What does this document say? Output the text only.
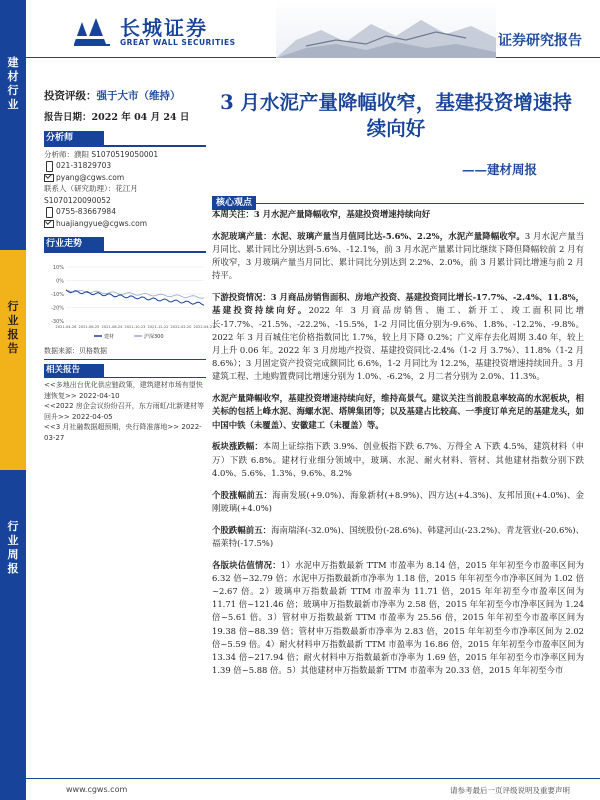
建材行业
行业报告
行业周报
长城证券
GREAT WALL SECURITIES	证券研究报告
投资评级：强于大市（维持）
报告日期：2022 年 04 月 24 日
分析师
分析师：濮阳 S1070519050001
021-31829703
pyang@cgws.com
联系人（研究助理）：花江月
S1070120090052
0755-83667984
huajiangyue@cgws.com
行业走势
10%
0%
-10%
-20%
-30%
2021-04-26 2021-06-25 2021-08-24 2021-10-23 2021-12-22 2022-02-20 2022-04-21
建材	沪深300
数据来源：贝格数据
相关报告
<<多地出台优化供应链政策，建筑建材市场有望快速恢复>> 2022-04-10
<<2022 房企会议纷纷召开，东方雨虹/北新建材等回升>> 2022-04-05
<<3 月社融数据超预期，央行降准落地>> 2022-03-27
3 月水泥产量降幅收窄，基建投资增速持续向好
——建材周报
核心观点

本周关注：3 月水泥产量降幅收窄，基建投资增速持续向好

水泥玻璃产量：水泥、玻璃产量当月值同比达-5.6%、2.2%，水泥产量降幅收窄。3 月水泥产量当月同比、累计同比分别达到-5.6%、-12.1%，前 3 月水泥产量累计同比继续下降但降幅较前 2 月有所收窄，3 月玻璃产量当月同比、累计同比分别达到 2.2%、2.0%，前 3 月累计同比增速与前 2 月持平。

下游投资情况：3 月商品房销售面积、房地产投资、基建投资同比增长-17.7%、-2.4%、11.8%，基建投资持续向好。2022 年 3 月商品房销售、施工、新开工、竣工面积同比增长-17.7%、-21.5%、-22.2%、-15.5%，1-2 月同比值分别为-9.6%、1.8%、-12.2%、-9.8%。2022 年 3 月百城住宅价格指数同比 1.7%，较上月下降 0.2%；广义库存去化周期 3.40 年，较上月上升 0.06 年。2022 年 3 月房地产投资、基建投资同比-2.4%（1-2 月 3.7%）、11.8%（1-2 月 8.6%）；3 月固定资产投资完成额同比 6.6%，1-2 月同比为 12.2%，基建投资增速持续回升。3 月建筑工程、土地购置费同比增速分别为 1.0%、-6.2%，2 月二者分别为 2.0%、11.3%。

水泥产量降幅收窄，基建投资增速持续向好，维持高景气。建议关注当前股息率较高的水泥板块，相关标的包括上峰水泥、海螺水泥、塔牌集团等；以及基建占比较高、一季度订单充足的基建龙头，如中国中铁（未覆盖）、安徽建工（未覆盖）等。

板块涨跌幅：本周上证综指下跌 3.9%、创业板指下跌 6.7%、万得全 A 下跌 4.5%，建筑材料（申万）下跌 6.8%。建材行业细分领域中，玻璃、水泥、耐火材料、管材、其他建材指数分别下跌 4.0%、5.6%、1.3%、9.6%、8.2%

个股涨幅前五：海南发展(+9.0%)、海象新材(+8.9%)、四方达(+4.3%)、友邦吊顶(+4.0%)、金刚玻璃(+4.0%)

个股跌幅前五：海南瑞泽(-32.0%)、国统股份(-28.6%)、韩建河山(-23.2%)、青龙管业(-20.6%)、福莱特(-17.5%)

各版块估值情况：1）水泥申万指数最新 TTM 市盈率为 8.14 倍，2015 年年初至今市盈率区间为 6.32 倍~32.79 倍；水泥申万指数最新市净率为 1.18 倍，2015 年年初至今市净率区间为 1.02 倍~2.67 倍。2）玻璃申万指数最新 TTM 市盈率为 11.71 倍，2015 年年初至今市盈率区间为 11.71 倍~121.46 倍；玻璃申万指数最新市净率为 2.58 倍，2015 年年初至今市净率区间为 1.24 倍~5.61 倍。3）管材申万指数最新 TTM 市盈率为 25.56 倍，2015 年年初至今市盈率区间为 19.38 倍~88.39 倍；管材申万指数最新市净率为 2.83 倍，2015 年年初至今市净率区间为 2.02 倍~5.59 倍。4）耐火材料申万指数最新 TTM 市盈率为 16.86 倍，2015 年年初至今市盈率区间为 13.34 倍~217.94 倍；耐火材料申万指数最新市净率为 1.69 倍，2015 年年初至今市净率区间为 1.39 倍~5.88 倍。5）其他建材申万指数最新 TTM 市盈率为 20.33 倍，2015 年年初至今市

www.cgws.com	请参考最后一页评级说明及重要声明
